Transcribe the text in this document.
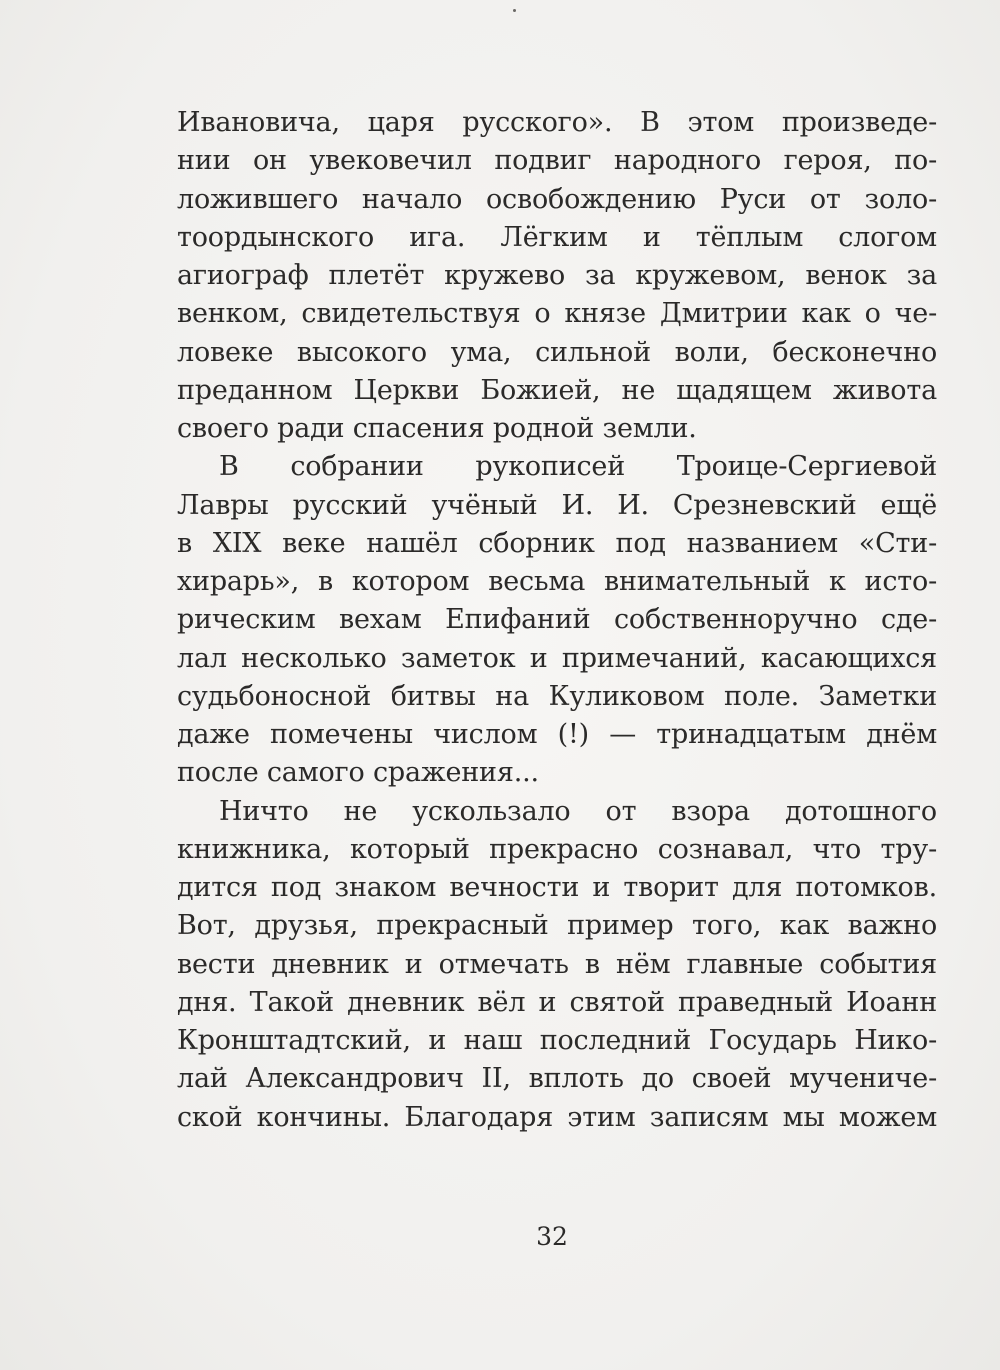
Ивановича, царя русского». В этом произведе-
нии он увековечил подвиг народного героя, по-
ложившего начало освобождению Руси от золо-
тоордынского ига. Лёгким и тёплым слогом
агиограф плетёт кружево за кружевом, венок за
венком, свидетельствуя о князе Дмитрии как о че-
ловеке высокого ума, сильной воли, бесконечно
преданном Церкви Божией, не щадящем живота
своего ради спасения родной земли.
В собрании рукописей Троице-Сергиевой
Лавры русский учёный И. И. Срезневский ещё
в XIX веке нашёл сборник под названием «Сти-
хирарь», в котором весьма внимательный к исто-
рическим вехам Епифаний собственноручно сде-
лал несколько заметок и примечаний, касающихся
судьбоносной битвы на Куликовом поле. Заметки
даже помечены числом (!) — тринадцатым днём
после самого сражения...
Ничто не ускользало от взора дотошного
книжника, который прекрасно сознавал, что тру-
дится под знаком вечности и творит для потомков.
Вот, друзья, прекрасный пример того, как важно
вести дневник и отмечать в нём главные события
дня. Такой дневник вёл и святой праведный Иоанн
Кронштадтский, и наш последний Государь Нико-
лай Александрович II, вплоть до своей мучениче-
ской кончины. Благодаря этим записям мы можем
32
